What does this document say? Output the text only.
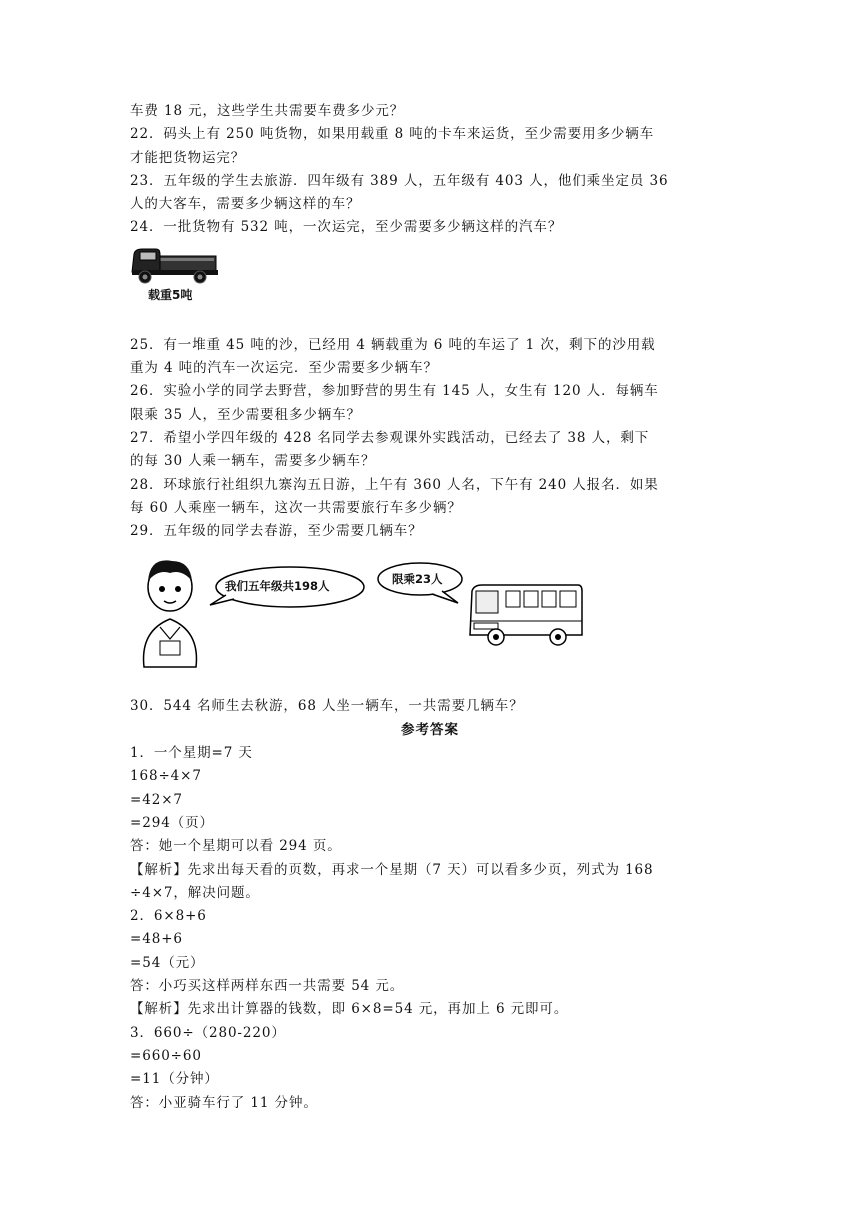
车费 18 元，这些学生共需要车费多少元？
22．码头上有 250 吨货物，如果用载重 8 吨的卡车来运货，至少需要用多少辆车
才能把货物运完？
23．五年级的学生去旅游．四年级有 389 人，五年级有 403 人，他们乘坐定员 36
人的大客车，需要多少辆这样的车？
24．一批货物有 532 吨，一次运完，至少需要多少辆这样的汽车？
载重5吨
25．有一堆重 45 吨的沙，已经用 4 辆载重为 6 吨的车运了 1 次，剩下的沙用载
重为 4 吨的汽车一次运完．至少需要多少辆车？
26．实验小学的同学去野营，参加野营的男生有 145 人，女生有 120 人．每辆车
限乘 35 人，至少需要租多少辆车？
27．希望小学四年级的 428 名同学去参观课外实践活动，已经去了 38 人，剩下
的每 30 人乘一辆车，需要多少辆车？
28．环球旅行社组织九寨沟五日游，上午有 360 人名，下午有 240 人报名．如果
每 60 人乘座一辆车，这次一共需要旅行车多少辆？
29．五年级的同学去春游，至少需要几辆车？
我们五年级共198人	限乘23人
30．544 名师生去秋游，68 人坐一辆车，一共需要几辆车？
参考答案
1．一个星期=7 天
168÷4×7
=42×7
=294（页）
答：她一个星期可以看 294 页。
【解析】先求出每天看的页数，再求一个星期（7 天）可以看多少页，列式为 168
÷4×7，解决问题。
2．6×8+6
=48+6
=54（元）
答：小巧买这样两样东西一共需要 54 元。
【解析】先求出计算器的钱数，即 6×8=54 元，再加上 6 元即可。
3．660÷（280-220）
=660÷60
=11（分钟）
答：小亚骑车行了 11 分钟。
